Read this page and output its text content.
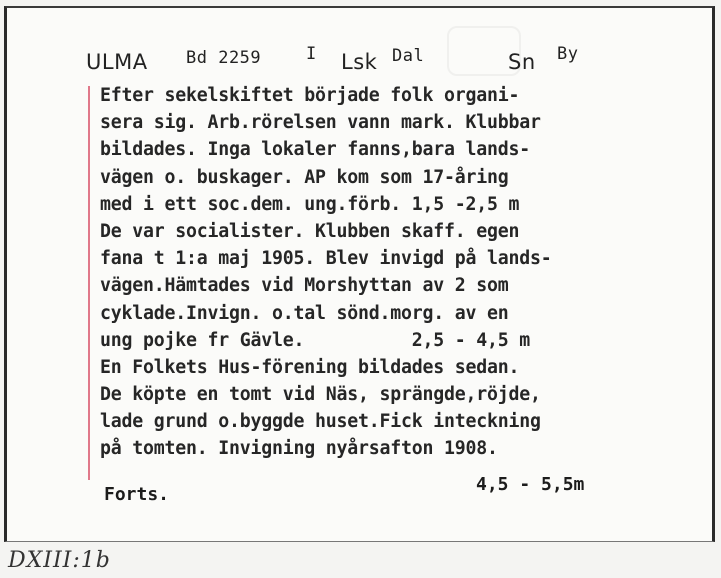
ULMA Bd 2259	I Lsk Dal	Sn By
Efter sekelskiftet började folk organi-
sera sig. Arb.rörelsen vann mark. Klubbar
bildades. Inga lokaler fanns,bara lands-
vägen o. buskager. AP kom som 17-åring
med i ett soc.dem. ung.förb. 1,5 -2,5 m
De var socialister. Klubben skaff. egen
fana t 1:a maj 1905. Blev invigd på lands-
vägen.Hämtades vid Morshyttan av 2 som
cyklade.Invign. o.tal sönd.morg. av en
ung pojke fr Gävle.          2,5 - 4,5 m
En Folkets Hus-förening bildades sedan.
De köpte en tomt vid Näs, sprängde,röjde,
lade grund o.byggde huset.Fick inteckning
på tomten. Invigning nyårsafton 1908.
Forts.	4,5 - 5,5m
DXIII:1b
